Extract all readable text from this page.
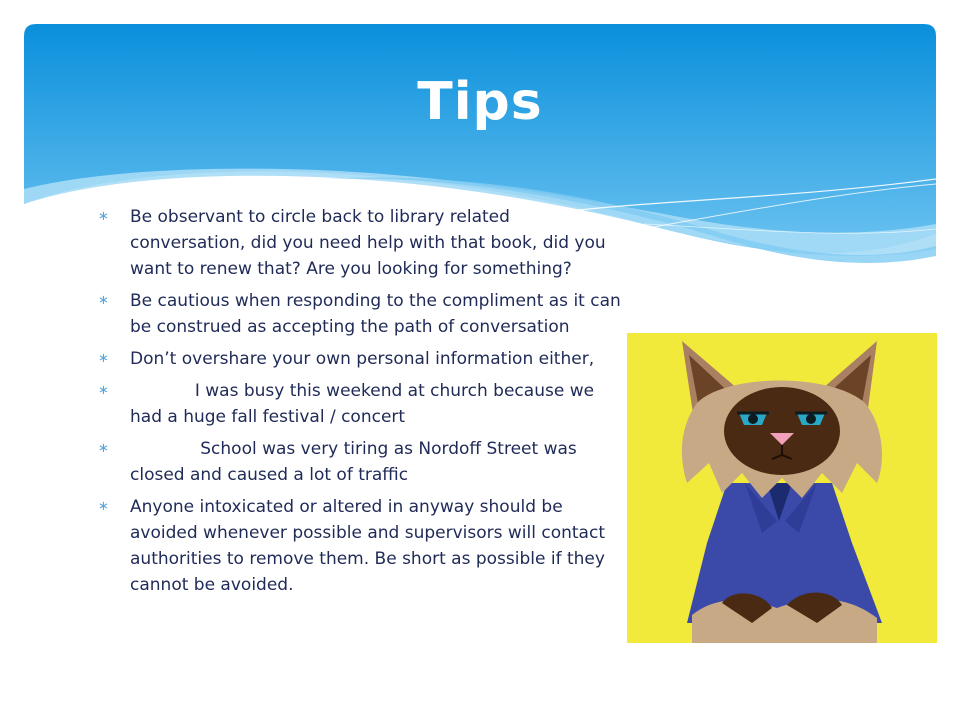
Tips
∗ Be observant to circle back to library related conversation, did you need help with that book, did you want to renew that? Are you looking for something?
∗ Be cautious when responding to the compliment as it can be construed as accepting the path of conversation
∗ Don’t overshare your own personal information either,
∗ I was busy this weekend at church because we had a huge fall festival / concert
∗ School was very tiring as Nordoff Street was closed and caused a lot of traffic
∗ Anyone intoxicated or altered in anyway should be avoided whenever possible and supervisors will contact authorities to remove them. Be short as possible if they cannot be avoided.
